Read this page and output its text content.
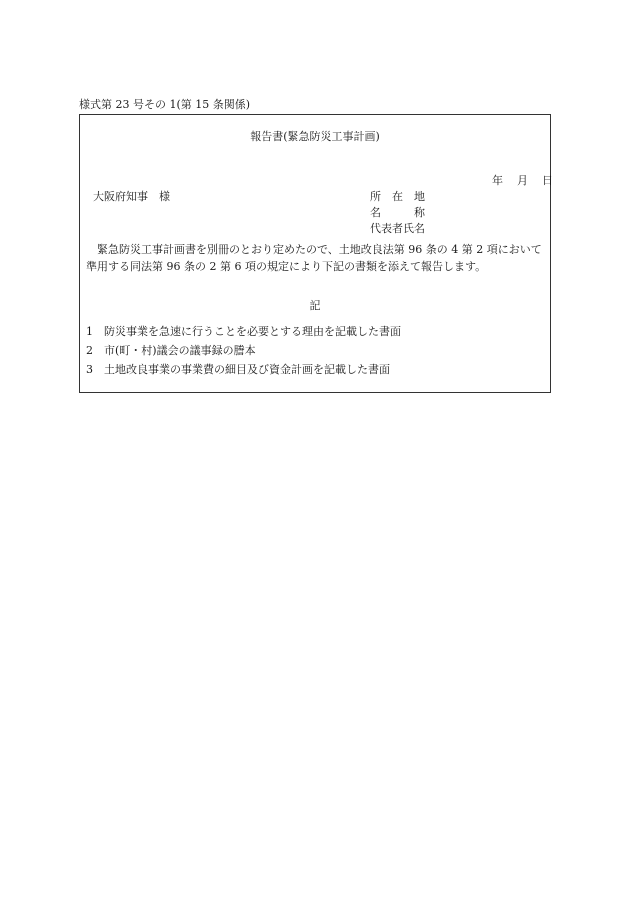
様式第 23 号その 1(第 15 条関係)
報告書(緊急防災工事計画)
年 月 日
大阪府知事　様	所　在　地
名　　　称
代表者氏名
緊急防災工事計画書を別冊のとおり定めたので、土地改良法第 96 条の 4 第 2 項において準用する同法第 96 条の 2 第 6 項の規定により下記の書類を添えて報告します。
記
1 防災事業を急速に行うことを必要とする理由を記載した書面
2 市(町・村)議会の議事録の謄本
3 土地改良事業の事業費の細目及び資金計画を記載した書面
